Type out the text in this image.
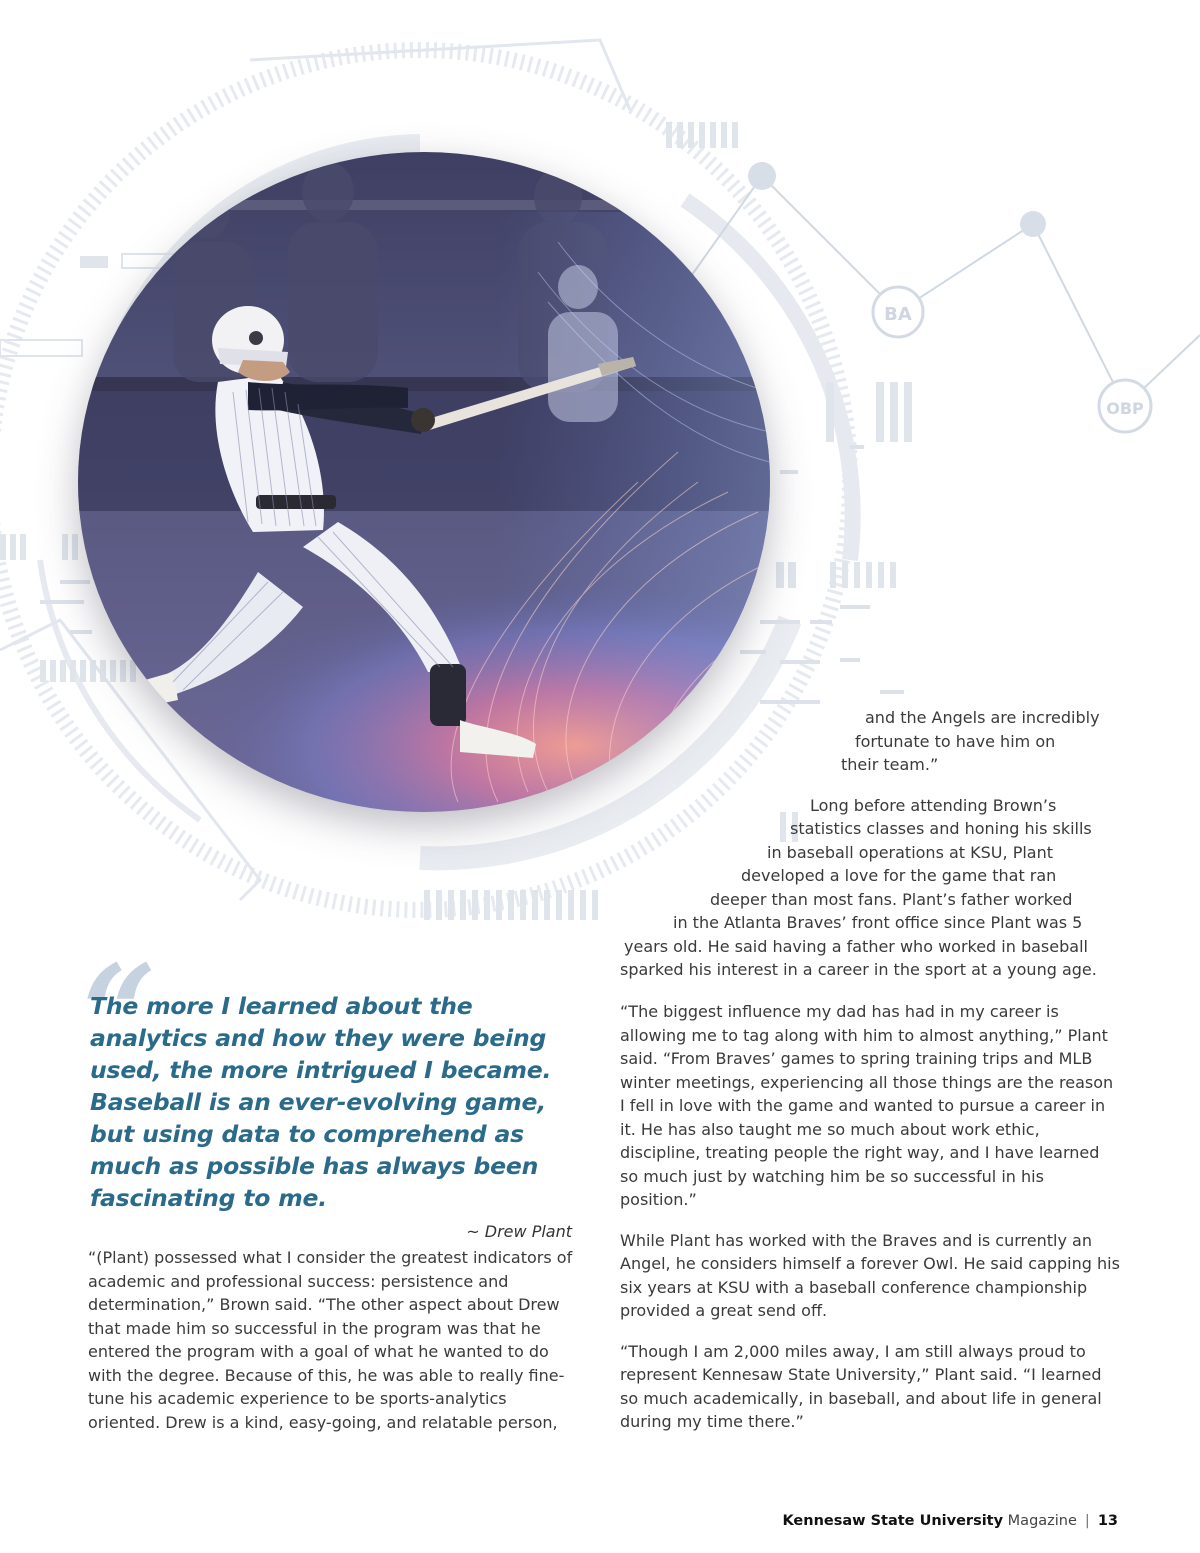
BA
OBP
“

The more I learned about the analytics and how they were being used, the more intrigued I became. Baseball is an ever-evolving game, but using data to comprehend as much as possible has always been fascinating to me.

~ Drew Plant

“(Plant) possessed what I consider the greatest indicators of academic and professional success: persistence and determination,” Brown said. “The other aspect about Drew that made him so successful in the program was that he entered the program with a goal of what he wanted to do with the degree. Because of this, he was able to really fine-tune his academic experience to be sports-analytics oriented. Drew is a kind, easy-going, and relatable person,

and the Angels are incredibly
fortunate to have him on
their team.”
Long before attending Brown’s
statistics classes and honing his skills
in baseball operations at KSU, Plant
developed a love for the game that ran
deeper than most fans. Plant’s father worked
in the Atlanta Braves’ front office since Plant was 5
years old. He said having a father who worked in baseball
sparked his interest in a career in the sport at a young age.

“The biggest influence my dad has had in my career is allowing me to tag along with him to almost anything,” Plant said. “From Braves’ games to spring training trips and MLB winter meetings, experiencing all those things are the reason I fell in love with the game and wanted to pursue a career in it. He has also taught me so much about work ethic, discipline, treating people the right way, and I have learned so much just by watching him be so successful in his position.”

While Plant has worked with the Braves and is currently an Angel, he considers himself a forever Owl. He said capping his six years at KSU with a baseball conference championship provided a great send off.

“Though I am 2,000 miles away, I am still always proud to represent Kennesaw State University,” Plant said. “I learned so much academically, in baseball, and about life in general during my time there.”

Kennesaw State University Magazine | 13
